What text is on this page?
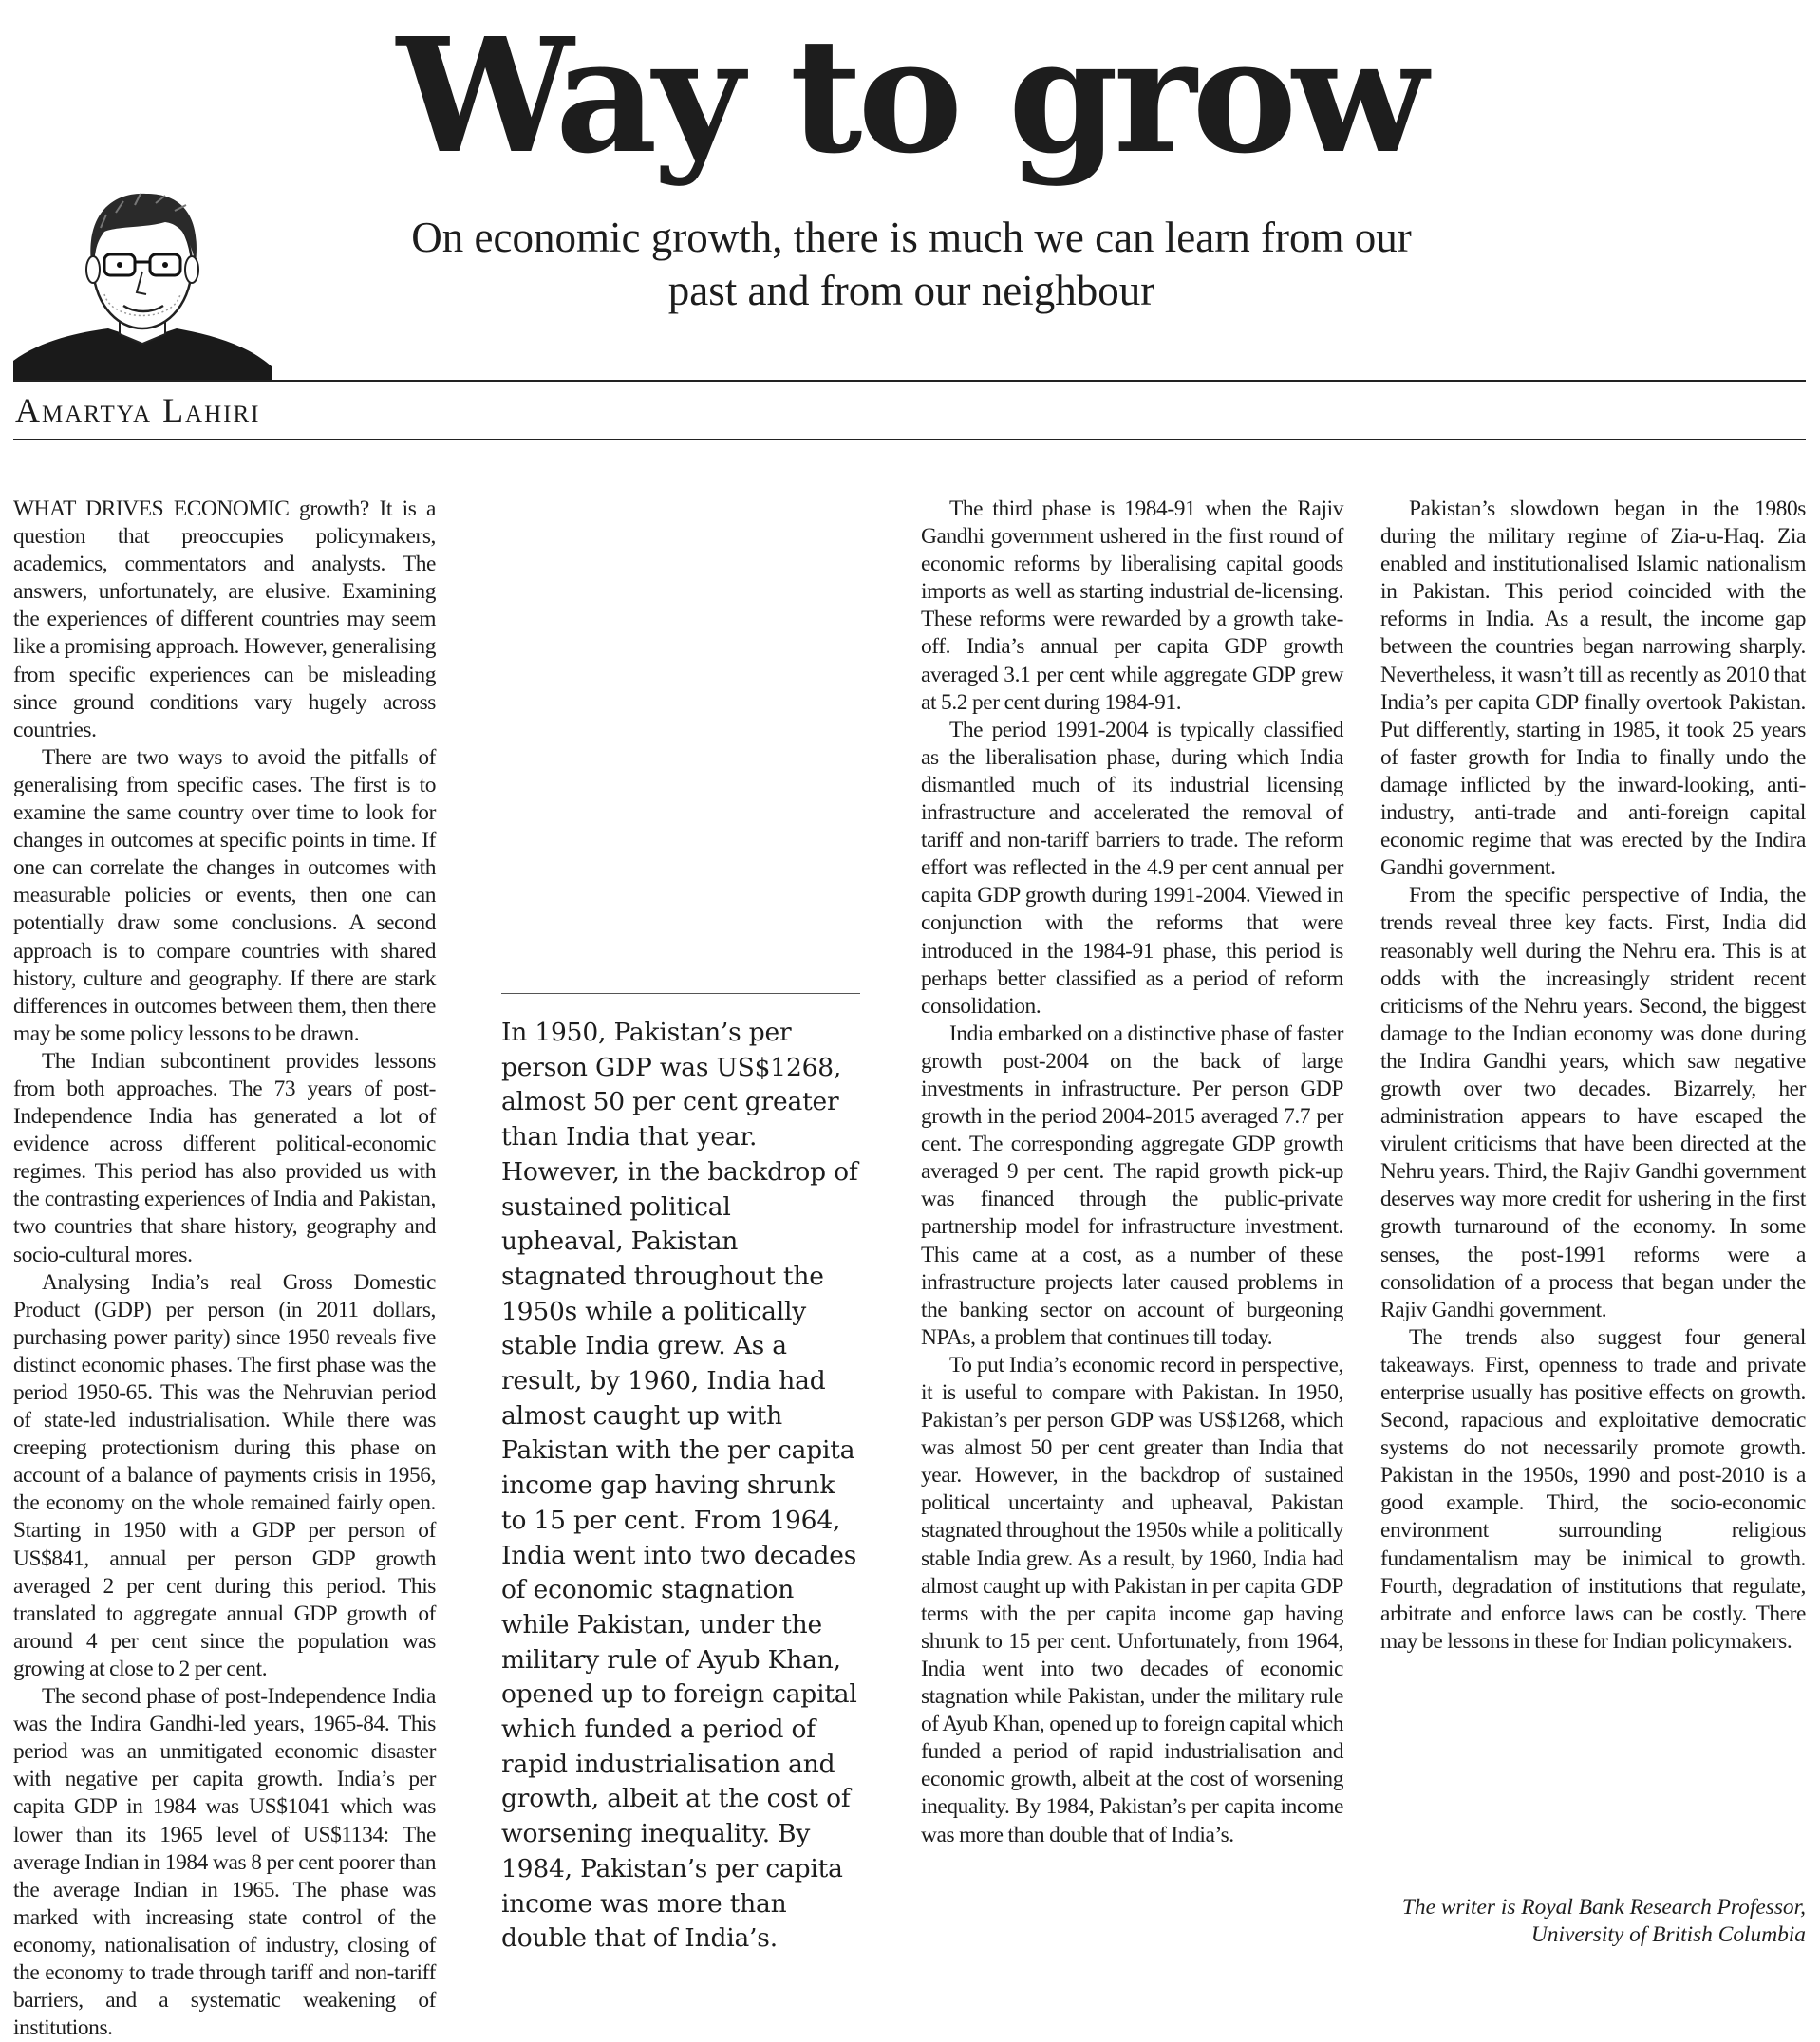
Way to grow

On economic growth, there is much we can learn from our past and from our neighbour

Amartya Lahiri

WHAT DRIVES ECONOMIC growth? It is a question that preoccupies policymakers, academics, commentators and analysts. The answers, unfortunately, are elusive. Examining the experiences of different countries may seem like a promising approach. However, generalising from specific experiences can be misleading since ground conditions vary hugely across countries.

There are two ways to avoid the pitfalls of generalising from specific cases. The first is to examine the same country over time to look for changes in outcomes at specific points in time. If one can correlate the changes in outcomes with measurable policies or events, then one can potentially draw some conclusions. A second approach is to compare countries with shared history, culture and geography. If there are stark differences in outcomes between them, then there may be some policy lessons to be drawn.

The Indian subcontinent provides lessons from both approaches. The 73 years of post-Independence India has generated a lot of evidence across different political-economic regimes. This period has also provided us with the contrasting experiences of India and Pakistan, two countries that share history, geography and socio-cultural mores.

Analysing India’s real Gross Domestic Product (GDP) per person (in 2011 dollars, purchasing power parity) since 1950 reveals five distinct economic phases. The first phase was the period 1950-65. This was the Nehruvian period of state-led industrialisation. While there was creeping protectionism during this phase on account of a balance of payments crisis in 1956, the economy on the whole remained fairly open. Starting in 1950 with a GDP per person of US$841, annual per person GDP growth averaged 2 per cent during this period. This translated to aggregate annual GDP growth of around 4 per cent since the population was growing at close to 2 per cent.

The second phase of post-Independence India was the Indira Gandhi-led years, 1965-84. This period was an unmitigated economic disaster with negative per capita growth. India’s per capita GDP in 1984 was US$1041 which was lower than its 1965 level of US$1134: The average Indian in 1984 was 8 per cent poorer than the average Indian in 1965. The phase was marked with increasing state control of the economy, nationalisation of industry, closing of the economy to trade through tariff and non-tariff barriers, and a systematic weakening of institutions.

In 1950, Pakistan’s per person GDP was US$1268, almost 50 per cent greater than India that year. However, in the backdrop of sustained political upheaval, Pakistan stagnated throughout the 1950s while a politically stable India grew. As a result, by 1960, India had almost caught up with Pakistan with the per capita income gap having shrunk to 15 per cent. From 1964, India went into two decades of economic stagnation while Pakistan, under the military rule of Ayub Khan, opened up to foreign capital which funded a period of rapid industrialisation and growth, albeit at the cost of worsening inequality. By 1984, Pakistan’s per capita income was more than double that of India’s.

The third phase is 1984-91 when the Rajiv Gandhi government ushered in the first round of economic reforms by liberalising capital goods imports as well as starting industrial de-licensing. These reforms were rewarded by a growth take-off. India’s annual per capita GDP growth averaged 3.1 per cent while aggregate GDP grew at 5.2 per cent during 1984-91.

The period 1991-2004 is typically classified as the liberalisation phase, during which India dismantled much of its industrial licensing infrastructure and accelerated the removal of tariff and non-tariff barriers to trade. The reform effort was reflected in the 4.9 per cent annual per capita GDP growth during 1991-2004. Viewed in conjunction with the reforms that were introduced in the 1984-91 phase, this period is perhaps better classified as a period of reform consolidation.

India embarked on a distinctive phase of faster growth post-2004 on the back of large investments in infrastructure. Per person GDP growth in the period 2004-2015 averaged 7.7 per cent. The corresponding aggregate GDP growth averaged 9 per cent. The rapid growth pick-up was financed through the public-private partnership model for infrastructure investment. This came at a cost, as a number of these infrastructure projects later caused problems in the banking sector on account of burgeoning NPAs, a problem that continues till today.

To put India’s economic record in perspective, it is useful to compare with Pakistan. In 1950, Pakistan’s per person GDP was US$1268, which was almost 50 per cent greater than India that year. However, in the backdrop of sustained political uncertainty and upheaval, Pakistan stagnated throughout the 1950s while a politically stable India grew. As a result, by 1960, India had almost caught up with Pakistan in per capita GDP terms with the per capita income gap having shrunk to 15 per cent. Unfortunately, from 1964, India went into two decades of economic stagnation while Pakistan, under the military rule of Ayub Khan, opened up to foreign capital which funded a period of rapid industrialisation and economic growth, albeit at the cost of worsening inequality. By 1984, Pakistan’s per capita income was more than double that of India’s.

Pakistan’s slowdown began in the 1980s during the military regime of Zia-u-Haq. Zia enabled and institutionalised Islamic nationalism in Pakistan. This period coincided with the reforms in India. As a result, the income gap between the countries began narrowing sharply. Nevertheless, it wasn’t till as recently as 2010 that India’s per capita GDP finally overtook Pakistan. Put differently, starting in 1985, it took 25 years of faster growth for India to finally undo the damage inflicted by the inward-looking, anti-industry, anti-trade and anti-foreign capital economic regime that was erected by the Indira Gandhi government.

From the specific perspective of India, the trends reveal three key facts. First, India did reasonably well during the Nehru era. This is at odds with the increasingly strident recent criticisms of the Nehru years. Second, the biggest damage to the Indian economy was done during the Indira Gandhi years, which saw negative growth over two decades. Bizarrely, her administration appears to have escaped the virulent criticisms that have been directed at the Nehru years. Third, the Rajiv Gandhi government deserves way more credit for ushering in the first growth turnaround of the economy. In some senses, the post-1991 reforms were a consolidation of a process that began under the Rajiv Gandhi government.

The trends also suggest four general takeaways. First, openness to trade and private enterprise usually has positive effects on growth. Second, rapacious and exploitative democratic systems do not necessarily promote growth. Pakistan in the 1950s, 1990 and post-2010 is a good example. Third, the socio-economic environment surrounding religious fundamentalism may be inimical to growth. Fourth, degradation of institutions that regulate, arbitrate and enforce laws can be costly. There may be lessons in these for Indian policymakers.

The writer is Royal Bank Research Professor,
University of British Columbia
